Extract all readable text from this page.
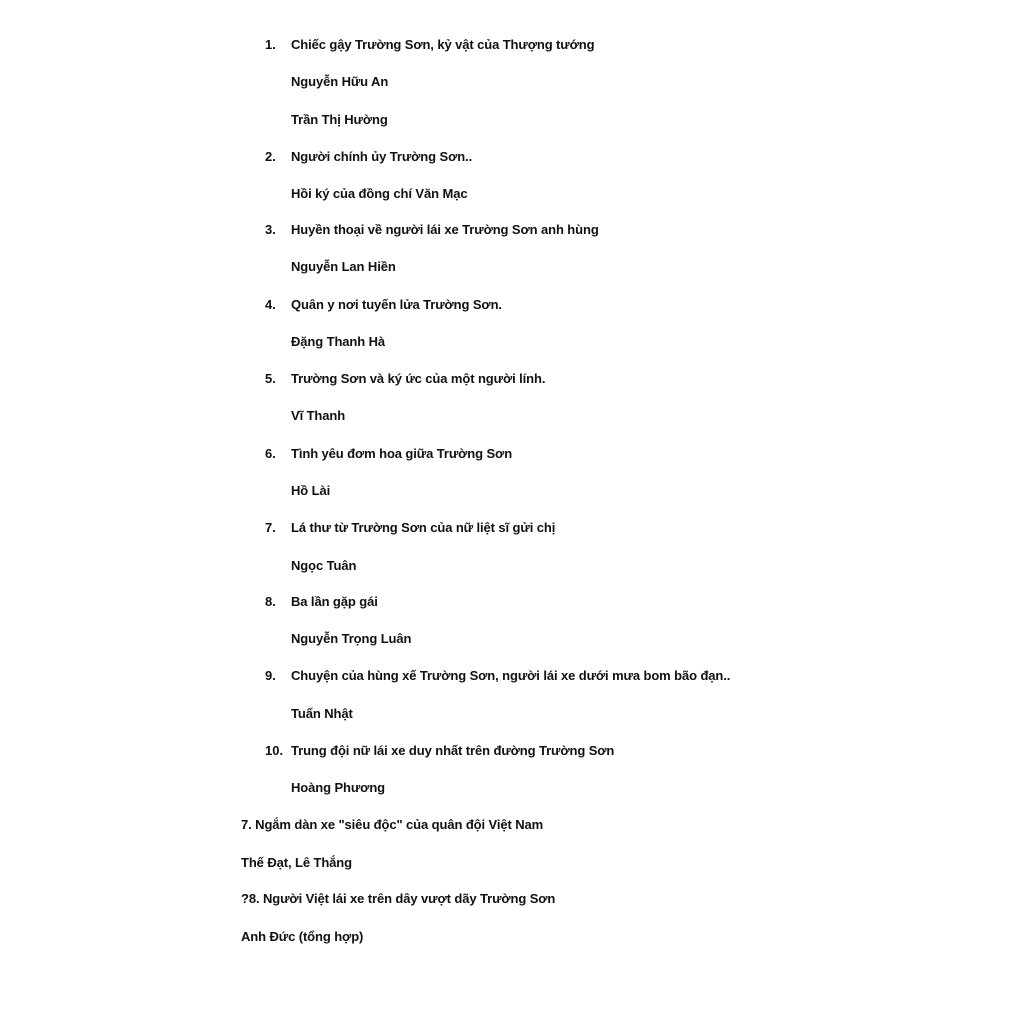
1. Chiếc gậy Trường Sơn, kỷ vật của Thượng tướng
Nguyễn Hữu An
Trần Thị Hường
2. Người chính ủy Trường Sơn..
Hồi ký của đồng chí Văn Mạc
3. Huyền thoại về người lái xe Trường Sơn anh hùng
Nguyễn Lan Hiền
4. Quân y nơi tuyến lửa Trường Sơn.
Đặng Thanh Hà
5. Trường Sơn và ký ức của một người lính.
Vĩ Thanh
6. Tình yêu đơm hoa giữa Trường Sơn
Hồ Lài
7. Lá thư từ Trường Sơn của nữ liệt sĩ gửi chị
Ngọc Tuân
8. Ba lần gặp gái
Nguyễn Trọng Luân
9. Chuyện của hùng xế Trường Sơn, người lái xe dưới mưa bom bão đạn..
Tuấn Nhật
10. Trung đội nữ lái xe duy nhất trên đường Trường Sơn
Hoàng Phương
7. Ngắm dàn xe "siêu độc" của quân đội Việt Nam
Thế Đạt, Lê Thắng
?8. Người Việt lái xe trên dây vượt dãy Trường Sơn
Anh Đức (tổng hợp)
